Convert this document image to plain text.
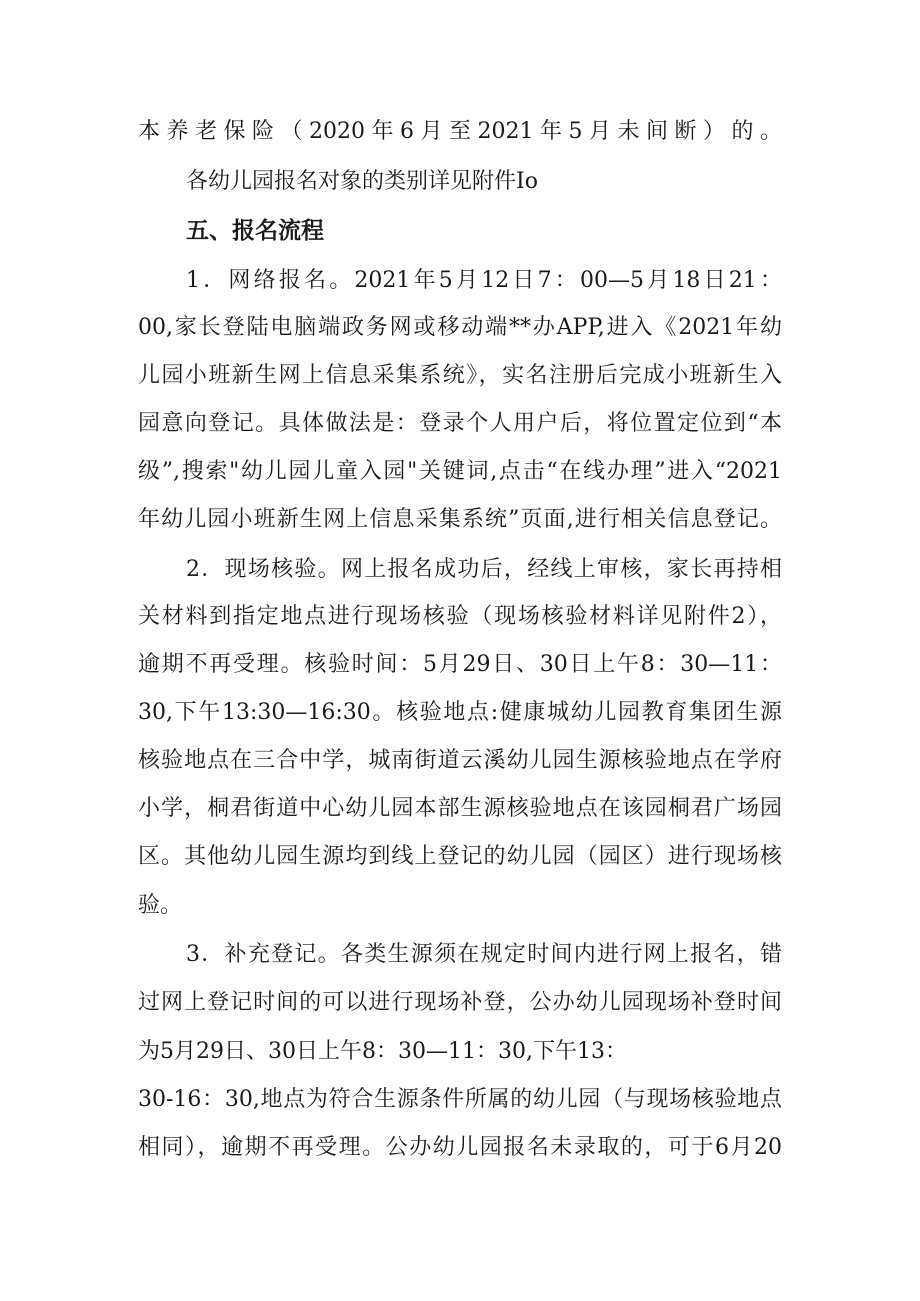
本养老保险（2020年6月至2021年5月未间断）的。
各幼儿园报名对象的类别详见附件Io
五、报名流程
1．网络报名。2021年5月12日7：00—5月18日21：
00,家长登陆电脑端政务网或移动端**办APP,进入《2021年幼
儿园小班新生网上信息采集系统》，实名注册后完成小班新生入
园意向登记。具体做法是：登录个人用户后，将位置定位到“本
级”,搜索"幼儿园儿童入园"关键词,点击“在线办理”进入“2021
年幼儿园小班新生网上信息采集系统”页面,进行相关信息登记。
2．现场核验。网上报名成功后，经线上审核，家长再持相
关材料到指定地点进行现场核验（现场核验材料详见附件2），
逾期不再受理。核验时间：5月29日、30日上午8：30—11：
30,下午13:30—16:30。核验地点:健康城幼儿园教育集团生源
核验地点在三合中学，城南街道云溪幼儿园生源核验地点在学府
小学，桐君街道中心幼儿园本部生源核验地点在该园桐君广场园
区。其他幼儿园生源均到线上登记的幼儿园（园区）进行现场核
验。
3．补充登记。各类生源须在规定时间内进行网上报名，错
过网上登记时间的可以进行现场补登，公办幼儿园现场补登时间
为5月29日、30日上午8：30—11：30,下午13：
30-16：30,地点为符合生源条件所属的幼儿园（与现场核验地点
相同），逾期不再受理。公办幼儿园报名未录取的，可于6月20
